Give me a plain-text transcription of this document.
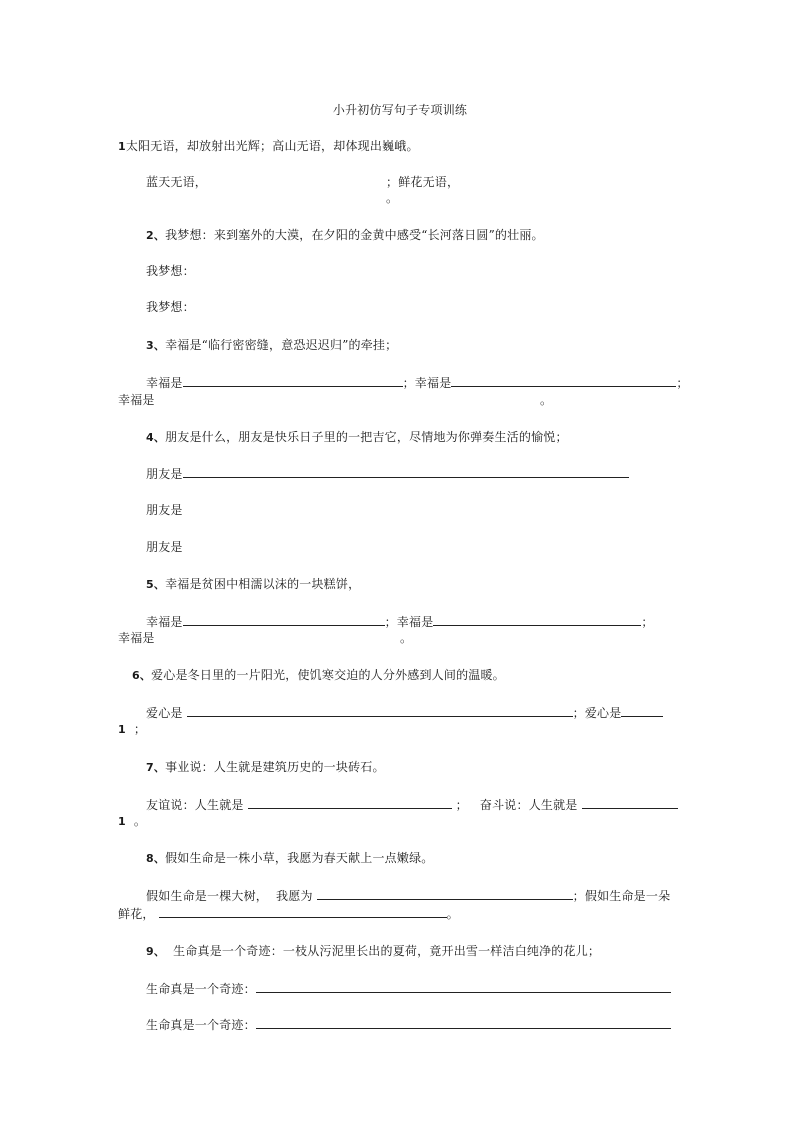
小升初仿写句子专项训练
1太阳无语，却放射出光辉；高山无语，却体现出巍峨。
蓝天无语，	；鲜花无语，
。
2、我梦想：来到塞外的大漠，在夕阳的金黄中感受“长河落日圆”的壮丽。
我梦想：
我梦想：
3、幸福是“临行密密缝，意恐迟迟归”的牵挂；
幸福是	；幸福是	；
幸福是	。
4、朋友是什么，朋友是快乐日子里的一把吉它，尽情地为你弹奏生活的愉悦；
朋友是
朋友是
朋友是
5、幸福是贫困中相濡以沫的一块糕饼，
幸福是	；幸福是	；
幸福是	。
6、爱心是冬日里的一片阳光，使饥寒交迫的人分外感到人间的温暖。
爱心是	；爱心是
1 ；
7、事业说：人生就是建筑历史的一块砖石。
友谊说：人生就是	； 奋斗说：人生就是
1 。
8、假如生命是一株小草，我愿为春天献上一点嫩绿。
假如生命是一棵大树， 我愿为	；假如生命是一朵
鲜花，	。
9、 生命真是一个奇迹：一枝从污泥里长出的夏荷，竟开出雪一样洁白纯净的花儿；
生命真是一个奇迹：
生命真是一个奇迹：
